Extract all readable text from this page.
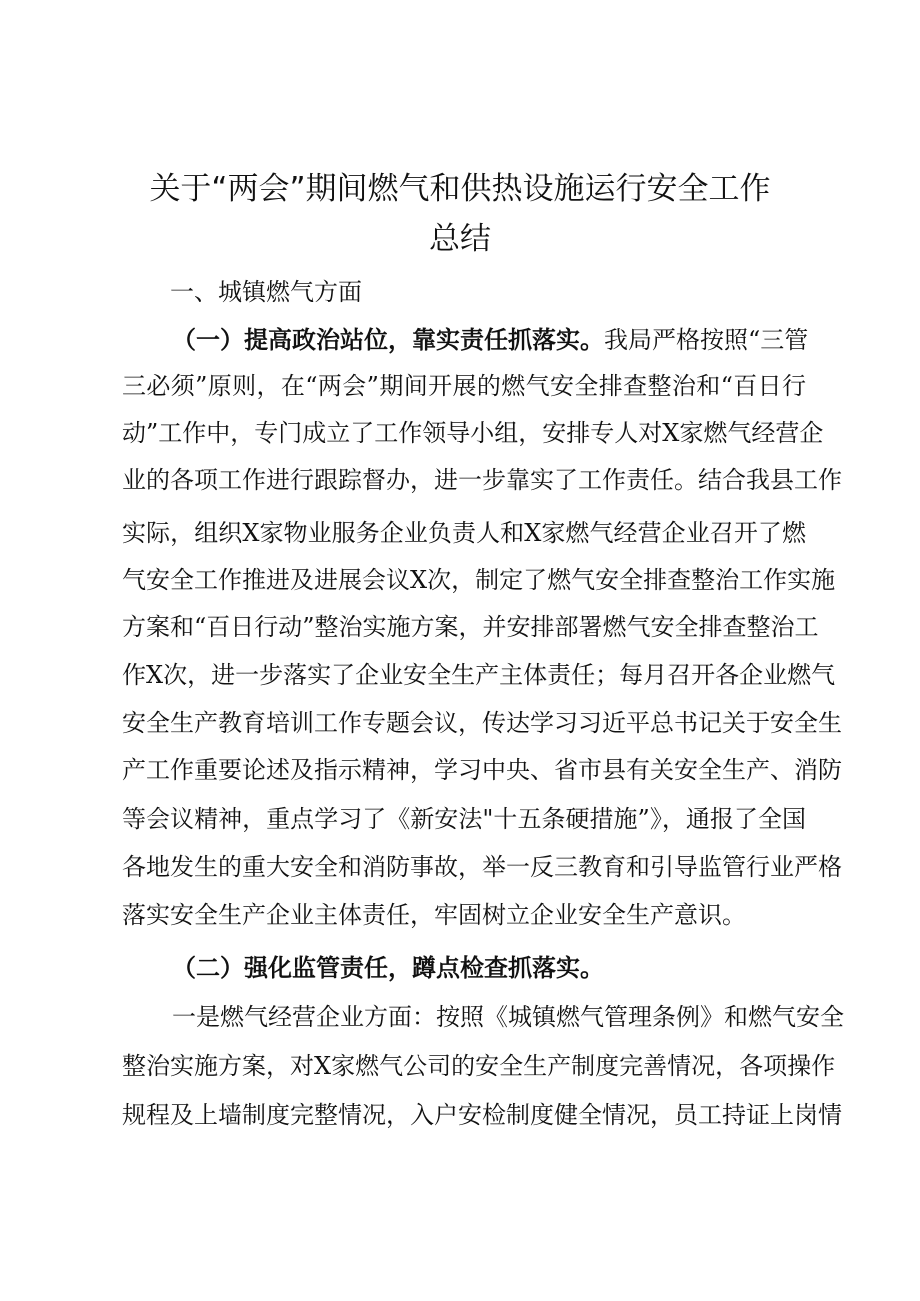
关于“两会”期间燃气和供热设施运行安全工作
总结
一、城镇燃气方面

（一）提高政治站位，靠实责任抓落实。我局严格按照“三管

三必须”原则，在“两会”期间开展的燃气安全排查整治和“百日行

动”工作中，专门成立了工作领导小组，安排专人对X家燃气经营企

业的各项工作进行跟踪督办，进一步靠实了工作责任。结合我县工作

实际，组织X家物业服务企业负责人和X家燃气经营企业召开了燃

气安全工作推进及进展会议X次，制定了燃气安全排查整治工作实施

方案和“百日行动”整治实施方案，并安排部署燃气安全排查整治工

作X次，进一步落实了企业安全生产主体责任；每月召开各企业燃气

安全生产教育培训工作专题会议，传达学习习近平总书记关于安全生

产工作重要论述及指示精神，学习中央、省市县有关安全生产、消防

等会议精神，重点学习了《新安法"十五条硬措施”》，通报了全国

各地发生的重大安全和消防事故，举一反三教育和引导监管行业严格

落实安全生产企业主体责任，牢固树立企业安全生产意识。

（二）强化监管责任，蹲点检查抓落实。

一是燃气经营企业方面：按照《城镇燃气管理条例》和燃气安全

整治实施方案，对X家燃气公司的安全生产制度完善情况，各项操作

规程及上墙制度完整情况，入户安检制度健全情况，员工持证上岗情
